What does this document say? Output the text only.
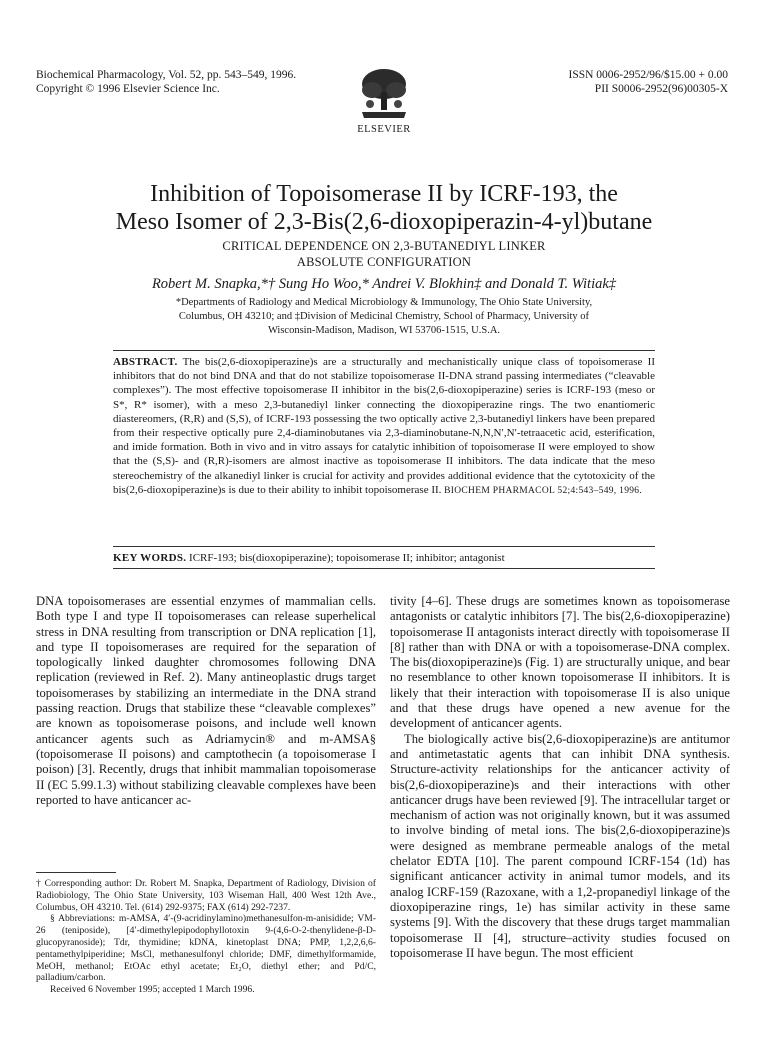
Biochemical Pharmacology, Vol. 52, pp. 543–549, 1996.
Copyright © 1996 Elsevier Science Inc.
ELSEVIER
ISSN 0006-2952/96/$15.00 + 0.00
PII S0006-2952(96)00305-X
Inhibition of Topoisomerase II by ICRF-193, the
Meso Isomer of 2,3-Bis(2,6-dioxopiperazin-4-yl)butane
CRITICAL DEPENDENCE ON 2,3-BUTANEDIYL LINKER
ABSOLUTE CONFIGURATION
Robert M. Snapka,*† Sung Ho Woo,* Andrei V. Blokhin‡ and Donald T. Witiak‡
*Departments of Radiology and Medical Microbiology & Immunology, The Ohio State University,
Columbus, OH 43210; and ‡Division of Medicinal Chemistry, School of Pharmacy, University of
Wisconsin-Madison, Madison, WI 53706-1515, U.S.A.
ABSTRACT. The bis(2,6-dioxopiperazine)s are a structurally and mechanistically unique class of topoisomerase II inhibitors that do not bind DNA and that do not stabilize topoisomerase II-DNA strand passing intermediates (“cleavable complexes”). The most effective topoisomerase II inhibitor in the bis(2,6-dioxopiperazine) series is ICRF-193 (meso or S*, R* isomer), with a meso 2,3-butanediyl linker connecting the dioxopiperazine rings. The two enantiomeric diastereomers, (R,R) and (S,S), of ICRF-193 possessing the two optically active 2,3-butanediyl linkers have been prepared from their respective optically pure 2,4-diaminobutanes via 2,3-diaminobutane-N,N,N′,N′-tetraacetic acid, esterification, and imide formation. Both in vivo and in vitro assays for catalytic inhibition of topoisomerase II were employed to show that the (S,S)- and (R,R)-isomers are almost inactive as topoisomerase II inhibitors. The data indicate that the meso stereochemistry of the alkanediyl linker is crucial for activity and provides additional evidence that the cytotoxicity of the bis(2,6-dioxopiperazine)s is due to their ability to inhibit topoisomerase II. BIOCHEM PHARMACOL 52;4:543–549, 1996.
KEY WORDS. ICRF-193; bis(dioxopiperazine); topoisomerase II; inhibitor; antagonist

DNA topoisomerases are essential enzymes of mammalian cells. Both type I and type II topoisomerases can release superhelical stress in DNA resulting from transcription or DNA replication [1], and type II topoisomerases are required for the separation of topologically linked daughter chromosomes following DNA replication (reviewed in Ref. 2). Many antineoplastic drugs target topoisomerases by stabilizing an intermediate in the DNA strand passing reaction. Drugs that stabilize these “cleavable complexes” are known as topoisomerase poisons, and include well known anticancer agents such as Adriamycin® and m-AMSA§ (topoisomerase II poisons) and camptothecin (a topoisomerase I poison) [3]. Recently, drugs that inhibit mammalian topoisomerase II (EC 5.99.1.3) without stabilizing cleavable complexes have been reported to have anticancer ac-

tivity [4–6]. These drugs are sometimes known as topoisomerase antagonists or catalytic inhibitors [7]. The bis(2,6-dioxopiperazine) topoisomerase II antagonists interact directly with topoisomerase II [8] rather than with DNA or with a topoisomerase-DNA complex. The bis(dioxopiperazine)s (Fig. 1) are structurally unique, and bear no resemblance to other known topoisomerase II inhibitors. It is likely that their interaction with topoisomerase II is also unique and that these drugs have opened a new avenue for the development of anticancer agents.

The biologically active bis(2,6-dioxopiperazine)s are antitumor and antimetastatic agents that can inhibit DNA synthesis. Structure-activity relationships for the anticancer activity of bis(2,6-dioxopiperazine)s and their interactions with other anticancer drugs have been reviewed [9]. The intracellular target or mechanism of action was not originally known, but it was assumed to involve binding of metal ions. The bis(2,6-dioxopiperazine)s were designed as membrane permeable analogs of the metal chelator EDTA [10]. The parent compound ICRF-154 (1d) has significant anticancer activity in animal tumor models, and its analog ICRF-159 (Razoxane, with a 1,2-propanediyl linkage of the dioxopiperazine rings, 1e) has similar activity in these same systems [9]. With the discovery that these drugs target mammalian topoisomerase II [4], structure–activity studies focused on topoisomerase II have begun. The most efficient

† Corresponding author: Dr. Robert M. Snapka, Department of Radiology, Division of Radiobiology, The Ohio State University, 103 Wiseman Hall, 400 West 12th Ave., Columbus, OH 43210. Tel. (614) 292-9375; FAX (614) 292-7237.

§ Abbreviations: m-AMSA, 4′-(9-acridinylamino)methanesulfon-m-anisidide; VM-26 (teniposide), [4′-dimethylepipodophyllotoxin 9-(4,6-O-2-thenylidene-β-D-glucopyranoside); Tdr, thymidine; kDNA, kinetoplast DNA; PMP, 1,2,2,6,6-pentamethylpiperidine; MsCl, methanesulfonyl chloride; DMF, dimethylformamide, MeOH, methanol; EtOAc ethyl acetate; Et₂O, diethyl ether; and Pd/C, palladium/carbon.

Received 6 November 1995; accepted 1 March 1996.
